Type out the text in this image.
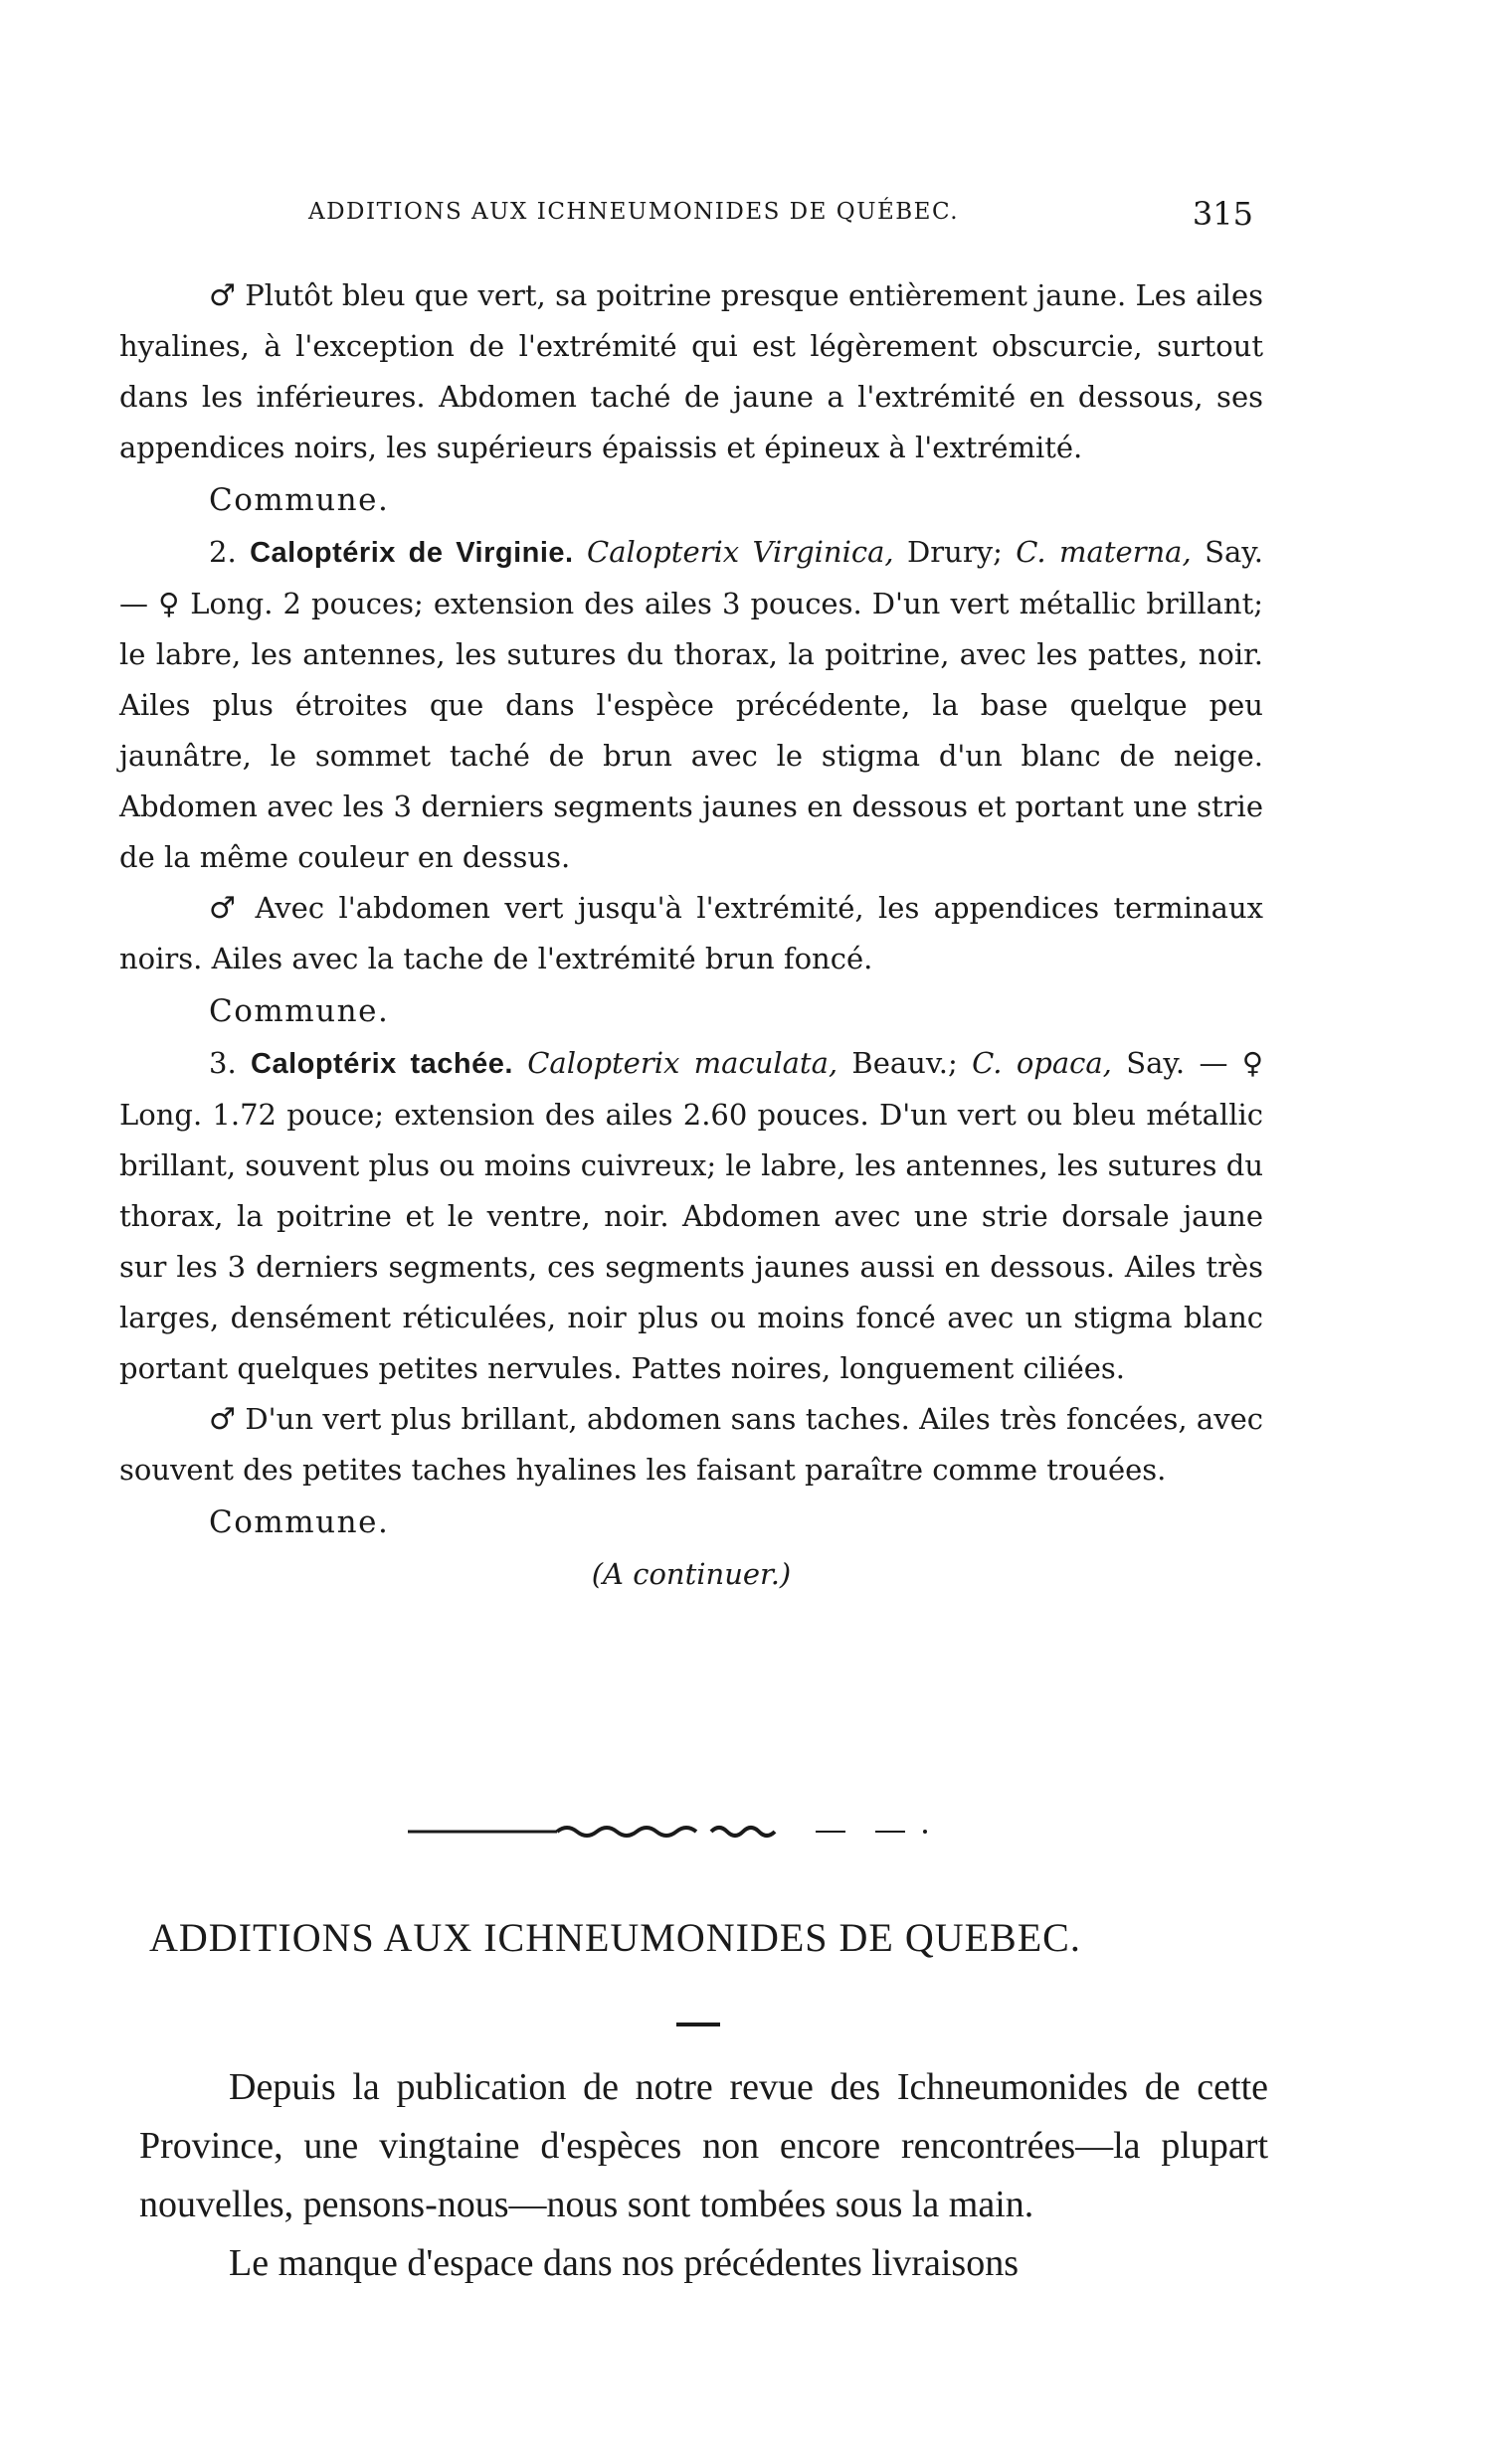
ADDITIONS AUX ICHNEUMONIDES DE QUÉBEC.	315

♂ Plutôt bleu que vert, sa poitrine presque entièrement jaune. Les ailes hyalines, à l'exception de l'extrémité qui est légèrement obscurcie, surtout dans les inférieures. Abdomen taché de jaune a l'extrémité en dessous, ses appendices noirs, les supérieurs épaissis et épineux à l'extrémité.

Commune.

2. Caloptérix de Virginie. Calopterix Virginica, Drury; C. materna, Say. — ♀ Long. 2 pouces; extension des ailes 3 pouces. D'un vert métallic brillant; le labre, les antennes, les sutures du thorax, la poitrine, avec les pattes, noir. Ailes plus étroites que dans l'espèce précédente, la base quelque peu jaunâtre, le sommet taché de brun avec le stigma d'un blanc de neige. Abdomen avec les 3 derniers segments jaunes en dessous et portant une strie de la même couleur en dessus.

♂ Avec l'abdomen vert jusqu'à l'extrémité, les appendices terminaux noirs. Ailes avec la tache de l'extrémité brun foncé.

Commune.

3. Caloptérix tachée. Calopterix maculata, Beauv.; C. opaca, Say. — ♀ Long. 1.72 pouce; extension des ailes 2.60 pouces. D'un vert ou bleu métallic brillant, souvent plus ou moins cuivreux; le labre, les antennes, les sutures du thorax, la poitrine et le ventre, noir. Abdomen avec une strie dorsale jaune sur les 3 derniers segments, ces segments jaunes aussi en dessous. Ailes très larges, densément réticulées, noir plus ou moins foncé avec un stigma blanc portant quelques petites nervules. Pattes noires, longuement ciliées.

♂ D'un vert plus brillant, abdomen sans taches. Ailes très foncées, avec souvent des petites taches hyalines les faisant paraître comme trouées.

Commune.

(A continuer.)

ADDITIONS AUX ICHNEUMONIDES DE QUEBEC.

Depuis la publication de notre revue des Ichneumonides de cette Province, une vingtaine d'espèces non encore rencontrées—la plupart nouvelles, pensons-nous—nous sont tombées sous la main.

Le manque d'espace dans nos précédentes livraisons
